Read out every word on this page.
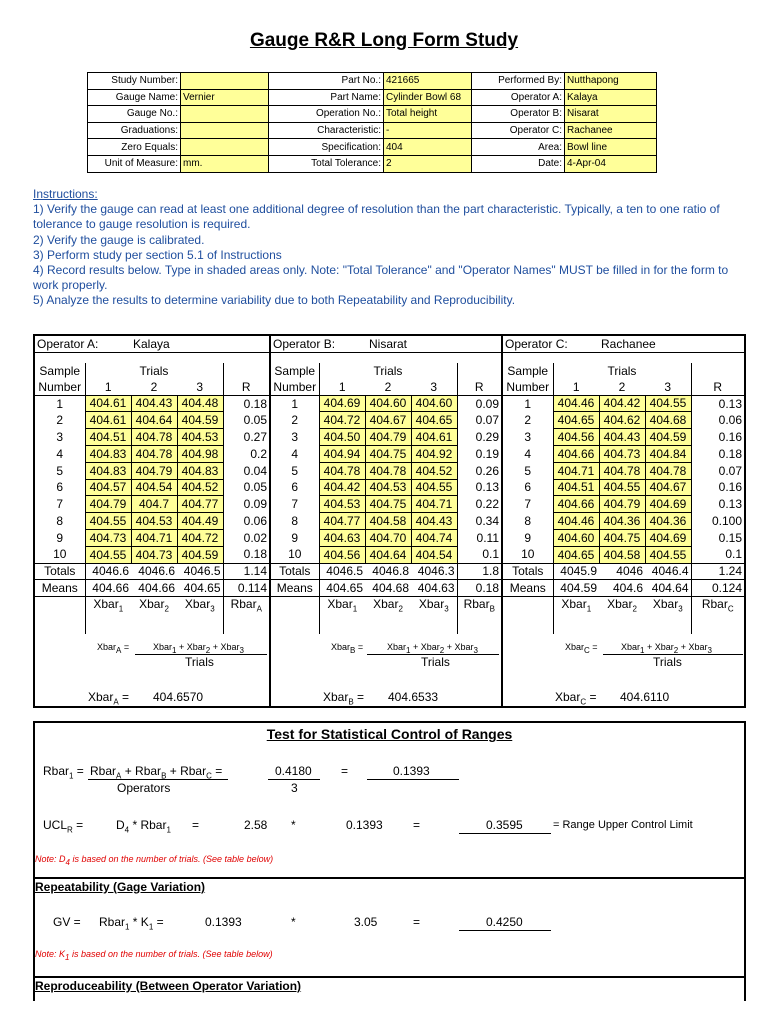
Gauge R&R Long Form Study
Study Number:		Part No.:	421665	Performed By:	Nutthapong
Gauge Name:	Vernier	Part Name:	Cylinder Bowl 68	Operator A:	Kalaya
Gauge No.:		Operation No.:	Total height	Operator B:	Nisarat
Graduations:		Characteristic:	-	Operator C:	Rachanee
Zero Equals:		Specification:	404	Area:	Bowl line
Unit of Measure:	mm.	Total Tolerance:	2	Date:	4-Apr-04
Instructions:
1) Verify the gauge can read at least one additional degree of resolution than the part characteristic. Typically, a ten to one ratio of tolerance to gauge resolution is required.
2) Verify the gauge is calibrated.
3) Perform study per section 5.1 of Instructions
4) Record results below. Type in shaded areas only. Note: "Total Tolerance" and "Operator Names" MUST be filled in for the form to work properly.
5) Analyze the results to determine variability due to both Repeatability and Reproducibility.
Operator A:	Kalaya

Sample	Trials			
Number	1	2	3	R
1	404.61	404.43	404.48	0.18
2	404.61	404.64	404.59	0.05
3	404.51	404.78	404.53	0.27
4	404.83	404.78	404.98	0.2
5	404.83	404.79	404.83	0.04
6	404.57	404.54	404.52	0.05
7	404.79	404.7	404.77	0.09
8	404.55	404.53	404.49	0.06
9	404.73	404.71	404.72	0.02
10	404.55	404.73	404.59	0.18
Totals	4046.6	4046.6	4046.5	1.14
Means	404.66	404.66	404.65	0.114
	Xbar$_1$	Xbar$_2$	Xbar$_3$	Rbar$_A$
Xbar$_A$ =	Xbar$_1$ + Xbar$_2$ + Xbar$_3$
Trials
Xbar$_A$ = 404.6570
Operator B:	Nisarat

Sample	Trials			
Number	1	2	3	R
1	404.69	404.60	404.60	0.09
2	404.72	404.67	404.65	0.07
3	404.50	404.79	404.61	0.29
4	404.94	404.75	404.92	0.19
5	404.78	404.78	404.52	0.26
6	404.42	404.53	404.55	0.13
7	404.53	404.75	404.71	0.22
8	404.77	404.58	404.43	0.34
9	404.63	404.70	404.74	0.11
10	404.56	404.64	404.54	0.1
Totals	4046.5	4046.8	4046.3	1.8
Means	404.65	404.68	404.63	0.18
	Xbar$_1$	Xbar$_2$	Xbar$_3$	Rbar$_B$
Xbar$_B$ =	Xbar$_1$ + Xbar$_2$ + Xbar$_3$
Trials
Xbar$_B$ = 404.6533
Operator C:	Rachanee

Sample	Trials			
Number	1	2	3	R
1	404.46	404.42	404.55	0.13
2	404.65	404.62	404.68	0.06
3	404.56	404.43	404.59	0.16
4	404.66	404.73	404.84	0.18
5	404.71	404.78	404.78	0.07
6	404.51	404.55	404.67	0.16
7	404.66	404.79	404.69	0.13
8	404.46	404.36	404.36	0.100
9	404.60	404.75	404.69	0.15
10	404.65	404.58	404.55	0.1
Totals	4045.9	4046	4046.4	1.24
Means	404.59	404.6	404.64	0.124
	Xbar$_1$	Xbar$_2$	Xbar$_3$	Rbar$_C$
Xbar$_C$ =	Xbar$_1$ + Xbar$_2$ + Xbar$_3$
Trials
Xbar$_C$ = 404.6110
Test for Statistical Control of Ranges
Rbar$_1$ = Rbar$_A$ + Rbar$_B$ + Rbar$_C$ =
Operators
0.4180
3
=	0.1393
$UCL_R$ =	$D_4$ * Rbar$_1$ =	2.58 *	0.1393	=	0.3595	= Range Upper Control Limit
Note: $D_4$ is based on the number of trials. (See table below)
Repeatability (Gage Variation)
GV = Rbar$_1$ * $K_1$ =	0.1393	*	3.05	=	0.4250
Note: $K_1$ is based on the number of trials. (See table below)
Reproduceability (Between Operator Variation)
